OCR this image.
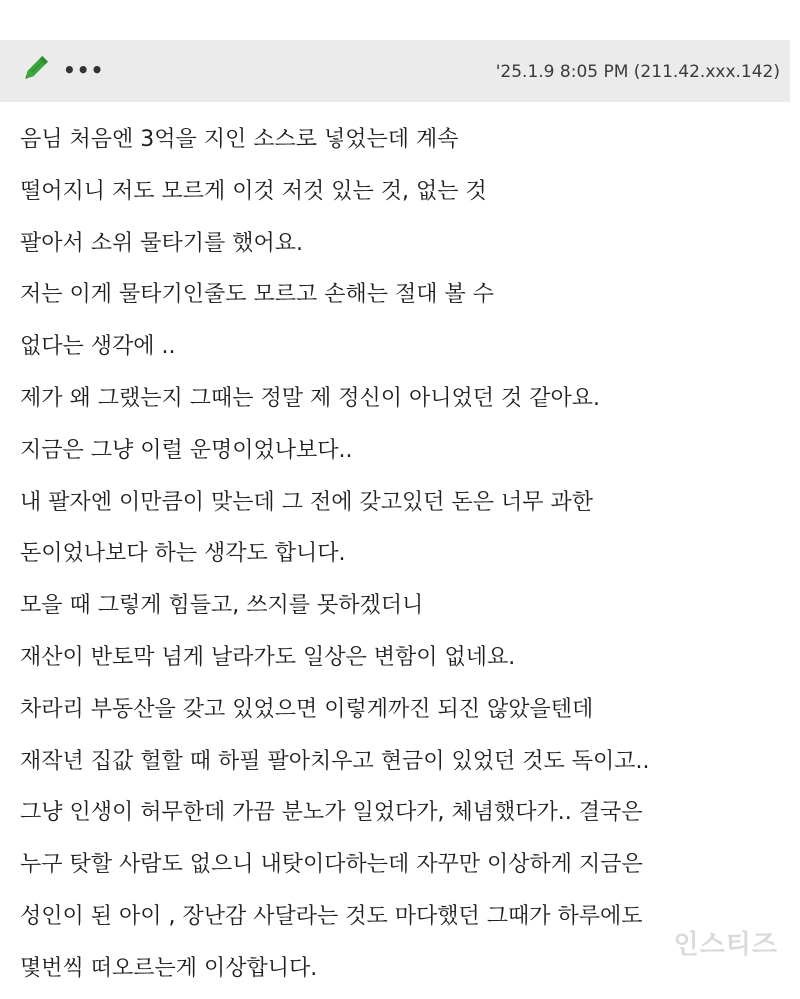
•••	'25.1.9 8:05 PM (211.42.xxx.142)
음님 처음엔 3억을 지인 소스로 넣었는데 계속
떨어지니 저도 모르게 이것 저것 있는 것, 없는 것
팔아서 소위 물타기를 했어요.
저는 이게 물타기인줄도 모르고 손해는 절대 볼 수
없다는 생각에 ..
제가 왜 그랬는지 그때는 정말 제 정신이 아니었던 것 같아요.
지금은 그냥 이럴 운명이었나보다..
내 팔자엔 이만큼이 맞는데 그 전에 갖고있던 돈은 너무 과한
돈이었나보다 하는 생각도 합니다.
모을 때 그렇게 힘들고, 쓰지를 못하겠더니
재산이 반토막 넘게 날라가도 일상은 변함이 없네요.
차라리 부동산을 갖고 있었으면 이렇게까진 되진 않았을텐데
재작년 집값 헐할 때 하필 팔아치우고 현금이 있었던 것도 독이고..
그냥 인생이 허무한데 가끔 분노가 일었다가, 체념했다가.. 결국은
누구 탓할 사람도 없으니 내탓이다하는데 자꾸만 이상하게 지금은
성인이 된 아이 , 장난감 사달라는 것도 마다했던 그때가 하루에도
몇번씩 떠오르는게 이상합니다.
인스티즈
